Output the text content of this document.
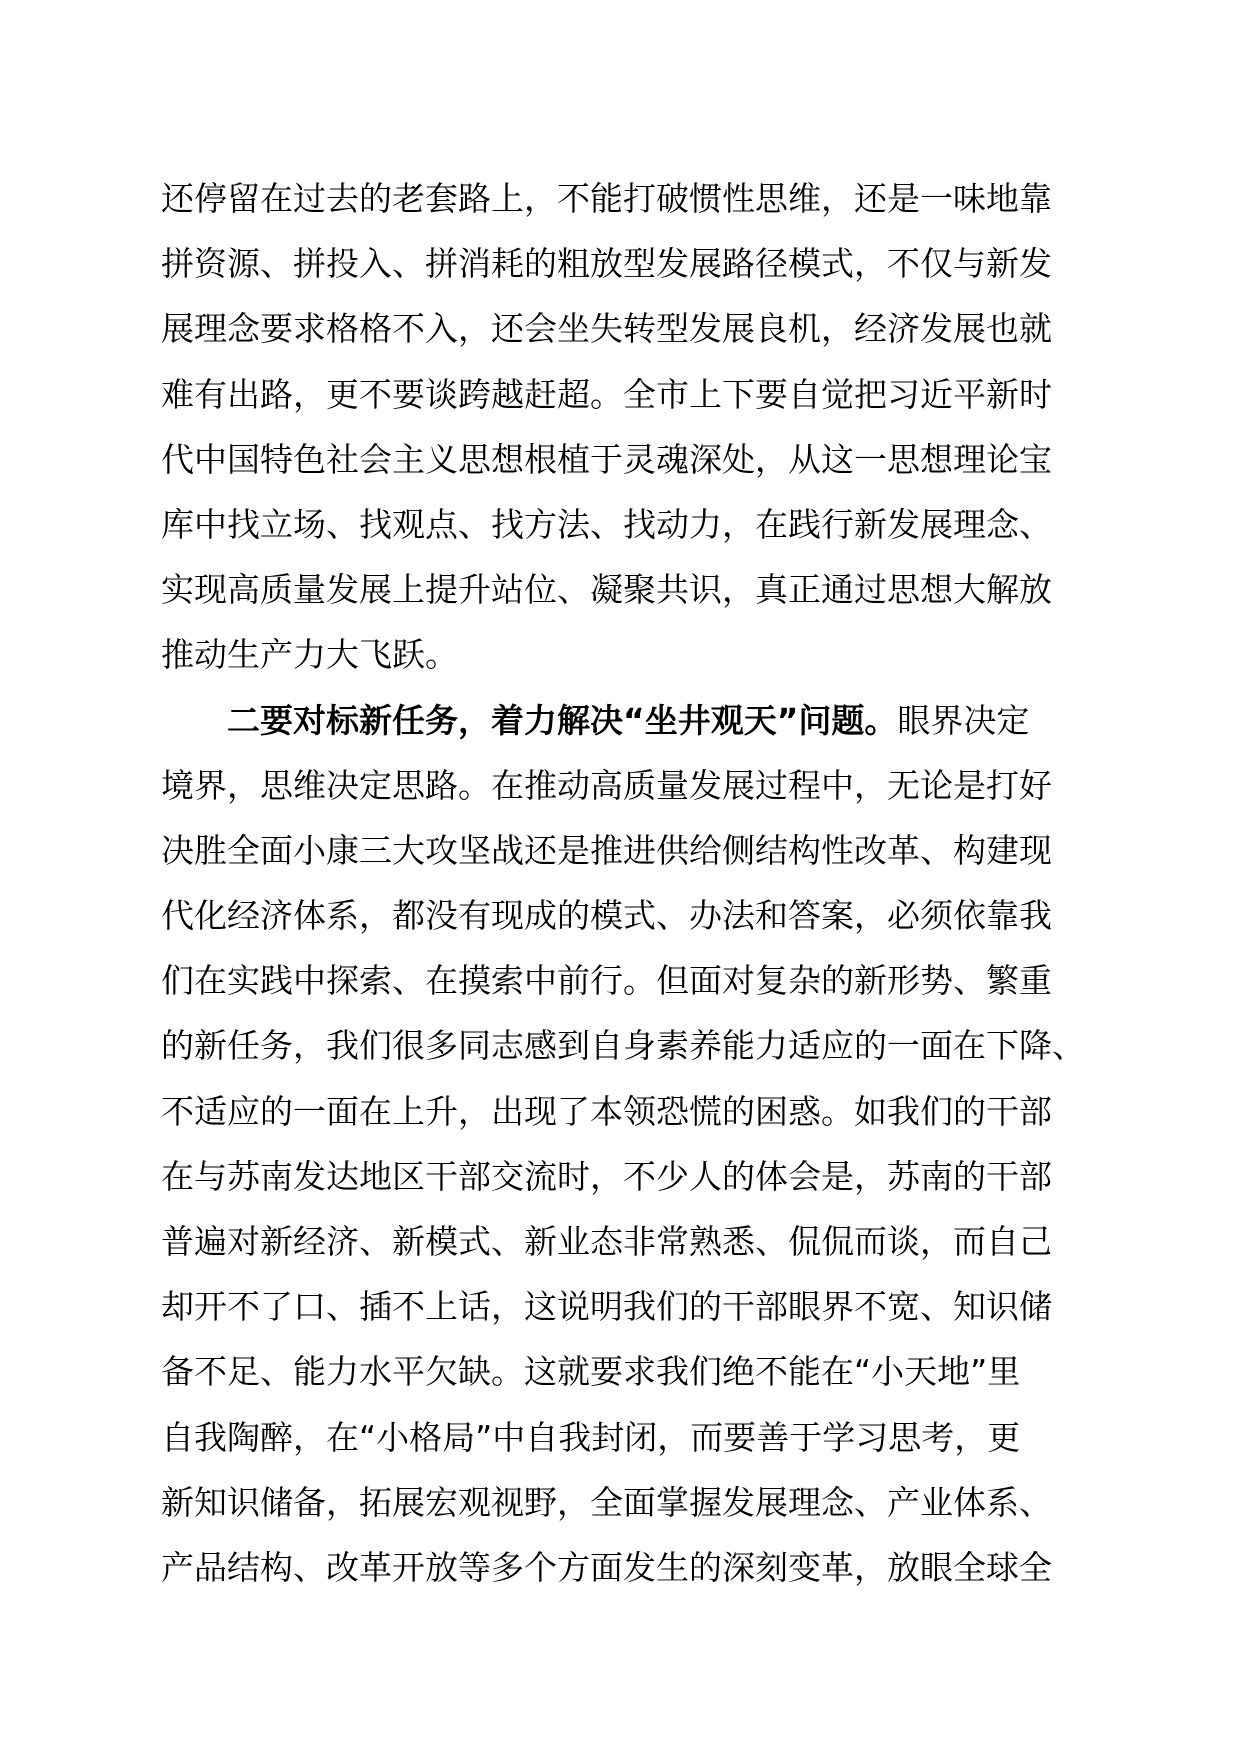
还停留在过去的老套路上，不能打破惯性思维，还是一味地靠
拼资源、拼投入、拼消耗的粗放型发展路径模式，不仅与新发
展理念要求格格不入，还会坐失转型发展良机，经济发展也就
难有出路，更不要谈跨越赶超。全市上下要自觉把习近平新时
代中国特色社会主义思想根植于灵魂深处，从这一思想理论宝
库中找立场、找观点、找方法、找动力，在践行新发展理念、
实现高质量发展上提升站位、凝聚共识，真正通过思想大解放
推动生产力大飞跃。
二要对标新任务，着力解决“坐井观天”问题。眼界决定
境界，思维决定思路。在推动高质量发展过程中，无论是打好
决胜全面小康三大攻坚战还是推进供给侧结构性改革、构建现
代化经济体系，都没有现成的模式、办法和答案，必须依靠我
们在实践中探索、在摸索中前行。但面对复杂的新形势、繁重
的新任务，我们很多同志感到自身素养能力适应的一面在下降、
不适应的一面在上升，出现了本领恐慌的困惑。如我们的干部
在与苏南发达地区干部交流时，不少人的体会是，苏南的干部
普遍对新经济、新模式、新业态非常熟悉、侃侃而谈，而自己
却开不了口、插不上话，这说明我们的干部眼界不宽、知识储
备不足、能力水平欠缺。这就要求我们绝不能在“小天地”里
自我陶醉，在“小格局”中自我封闭，而要善于学习思考，更
新知识储备，拓展宏观视野，全面掌握发展理念、产业体系、
产品结构、改革开放等多个方面发生的深刻变革，放眼全球全
